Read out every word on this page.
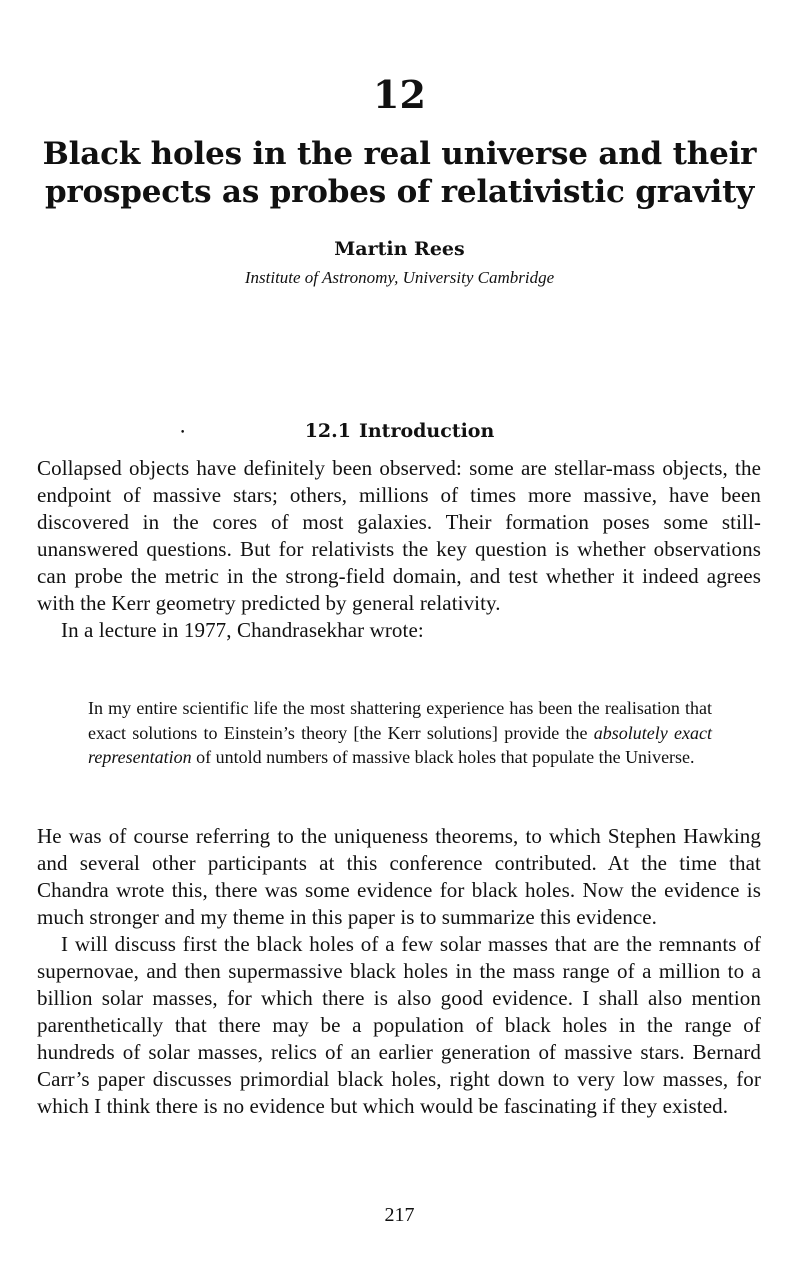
12
Black holes in the real universe and their prospects as probes of relativistic gravity
Martin Rees
Institute of Astronomy, University Cambridge
•	12.1 Introduction

Collapsed objects have definitely been observed: some are stellar-mass objects, the endpoint of massive stars; others, millions of times more massive, have been discovered in the cores of most galaxies. Their formation poses some still-unanswered questions. But for relativists the key question is whether observations can probe the metric in the strong-field domain, and test whether it indeed agrees with the Kerr geometry predicted by general relativity.

In a lecture in 1977, Chandrasekhar wrote:

In my entire scientific life the most shattering experience has been the realisation that exact solutions to Einstein’s theory [the Kerr solutions] provide the absolutely exact representation of untold numbers of massive black holes that populate the Universe.

He was of course referring to the uniqueness theorems, to which Stephen Hawking and several other participants at this conference contributed. At the time that Chandra wrote this, there was some evidence for black holes. Now the evidence is much stronger and my theme in this paper is to summarize this evidence.

I will discuss first the black holes of a few solar masses that are the remnants of supernovae, and then supermassive black holes in the mass range of a million to a billion solar masses, for which there is also good evidence. I shall also mention parenthetically that there may be a population of black holes in the range of hundreds of solar masses, relics of an earlier generation of massive stars. Bernard Carr’s paper discusses primordial black holes, right down to very low masses, for which I think there is no evidence but which would be fascinating if they existed.

217
